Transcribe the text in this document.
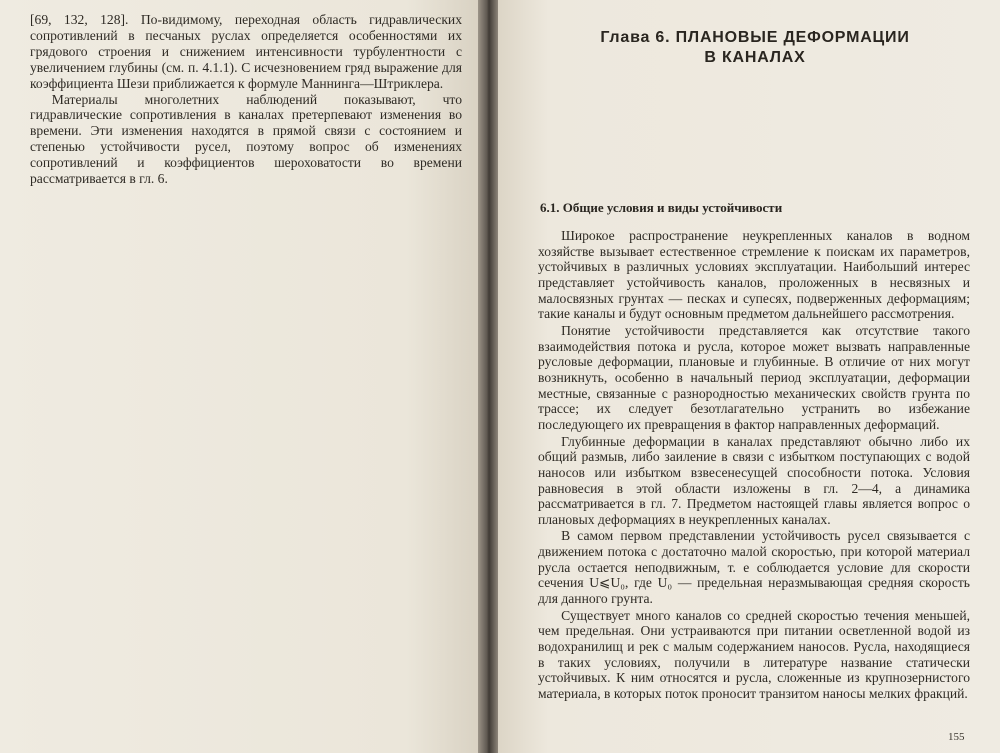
[69, 132, 128]. По-видимому, переходная область гидравлических сопротивлений в песчаных руслах определяется особенностями их грядового строения и снижением интенсивности турбулентности с увеличением глубины (см. п. 4.1.1). С исчезновением гряд выражение для коэффициента Шези приближается к формуле Маннинга—Штриклера.

Материалы многолетних наблюдений показывают, что гидравлические сопротивления в каналах претерпевают изменения во времени. Эти изменения находятся в прямой связи с состоянием и степенью устойчивости русел, поэтому вопрос об изменениях сопротивлений и коэффициентов шероховатости во времени рассматривается в гл. 6.

Глава 6. ПЛАНОВЫЕ ДЕФОРМАЦИИ
В КАНАЛАХ
6.1. Общие условия и виды устойчивости

Широкое распространение неукрепленных каналов в водном хозяйстве вызывает естественное стремление к поискам их параметров, устойчивых в различных условиях эксплуатации. Наибольший интерес представляет устойчивость каналов, проложенных в несвязных и малосвязных грунтах — песках и супесях, подверженных деформациям; такие каналы и будут основным предметом дальнейшего рассмотрения.

Понятие устойчивости представляется как отсутствие такого взаимодействия потока и русла, которое может вызвать направленные русловые деформации, плановые и глубинные. В отличие от них могут возникнуть, особенно в начальный период эксплуатации, деформации местные, связанные с разнородностью механических свойств грунта по трассе; их следует безотлагательно устранить во избежание последующего их превращения в фактор направленных деформаций.

Глубинные деформации в каналах представляют обычно либо их общий размыв, либо заиление в связи с избытком поступающих с водой наносов или избытком взвесенесущей способности потока. Условия равновесия в этой области изложены в гл. 2—4, а динамика рассматривается в гл. 7. Предметом настоящей главы является вопрос о плановых деформациях в неукрепленных каналах.

В самом первом представлении устойчивость русел связывается с движением потока с достаточно малой скоростью, при которой материал русла остается неподвижным, т. е соблюдается условие для скорости сечения U⩽U₀, где U₀ — предельная неразмывающая средняя скорость для данного грунта.

Существует много каналов со средней скоростью течения меньшей, чем предельная. Они устраиваются при питании осветленной водой из водохранилищ и рек с малым содержанием наносов. Русла, находящиеся в таких условиях, получили в литературе название статически устойчивых. К ним относятся и русла, сложенные из крупнозернистого материала, в которых поток проносит транзитом наносы мелких фракций.

155
